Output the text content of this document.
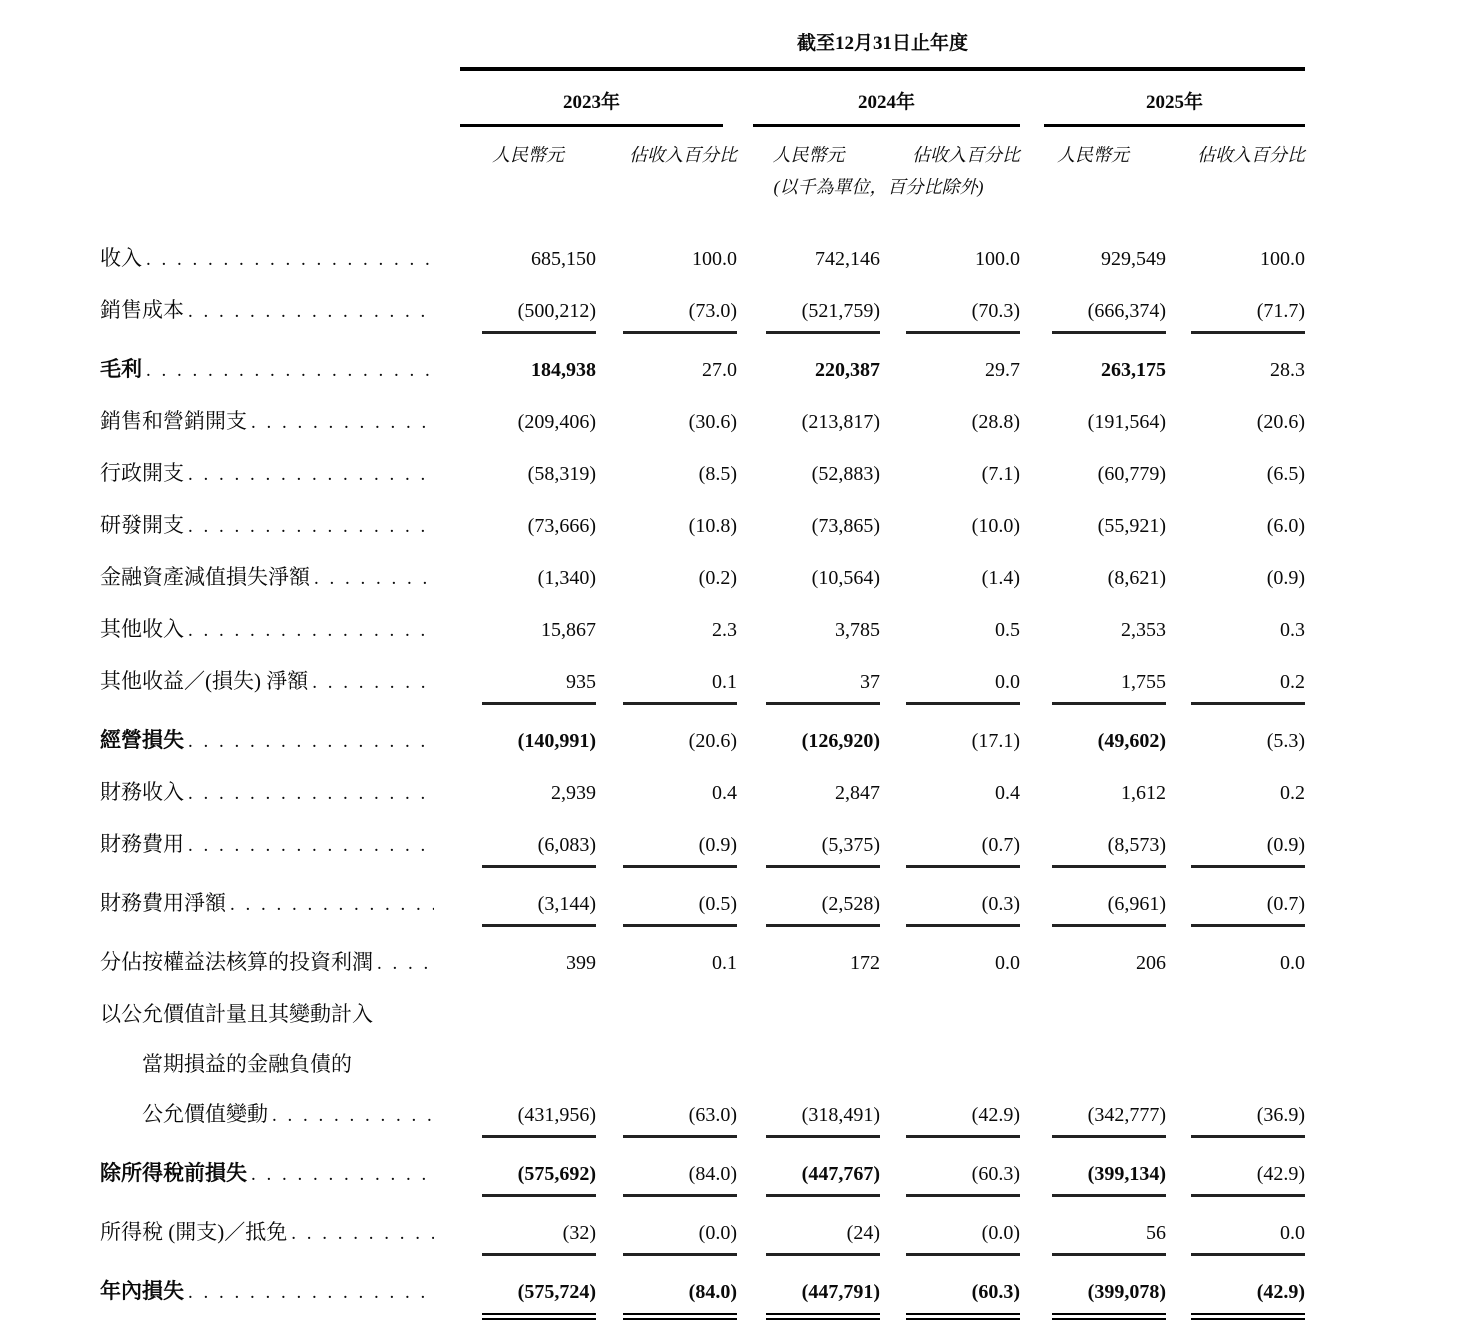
	截至12月31日止年度					

	2023年		2024年		2025年	

	人民幣元	佔收入百分比	人民幣元	佔收入百分比	人民幣元	佔收入百分比
			(以千為單位，百分比除外)			

收入
. . .	685,150	100.0	742,146	100.0	929,549	100.0

銷售成本
. . .	(500,212)	(73.0)	(521,759)	(70.3)	(666,374)	(71.7)

毛利
. . .	184,938	27.0	220,387	29.7	263,175	28.3

銷售和營銷開支
. . .	(209,406)	(30.6)	(213,817)	(28.8)	(191,564)	(20.6)

行政開支
. . .	(58,319)	(8.5)	(52,883)	(7.1)	(60,779)	(6.5)

研發開支
. . .	(73,666)	(10.8)	(73,865)	(10.0)	(55,921)	(6.0)

金融資產減值損失淨額
. . .	(1,340)	(0.2)	(10,564)	(1.4)	(8,621)	(0.9)

其他收入
. . .	15,867	2.3	3,785	0.5	2,353	0.3

其他收益／(損失) 淨額
. . .	935	0.1	37	0.0	1,755	0.2

經營損失
. . .	(140,991)	(20.6)	(126,920)	(17.1)	(49,602)	(5.3)

財務收入
. . .	2,939	0.4	2,847	0.4	1,612	0.2

財務費用
. . .	(6,083)	(0.9)	(5,375)	(0.7)	(8,573)	(0.9)

財務費用淨額
. . .	(3,144)	(0.5)	(2,528)	(0.3)	(6,961)	(0.7)

分佔按權益法核算的投資利潤
. . .	399	0.1	172	0.0	206	0.0

以公允價值計量且其變動計入						

當期損益的金融負債的						

公允價值變動
. . .	(431,956)	(63.0)	(318,491)	(42.9)	(342,777)	(36.9)

除所得稅前損失
. . .	(575,692)	(84.0)	(447,767)	(60.3)	(399,134)	(42.9)

所得稅 (開支)／抵免
. . .	(32)	(0.0)	(24)	(0.0)	56	0.0

年內損失
. . .	(575,724)	(84.0)	(447,791)	(60.3)	(399,078)	(42.9)
